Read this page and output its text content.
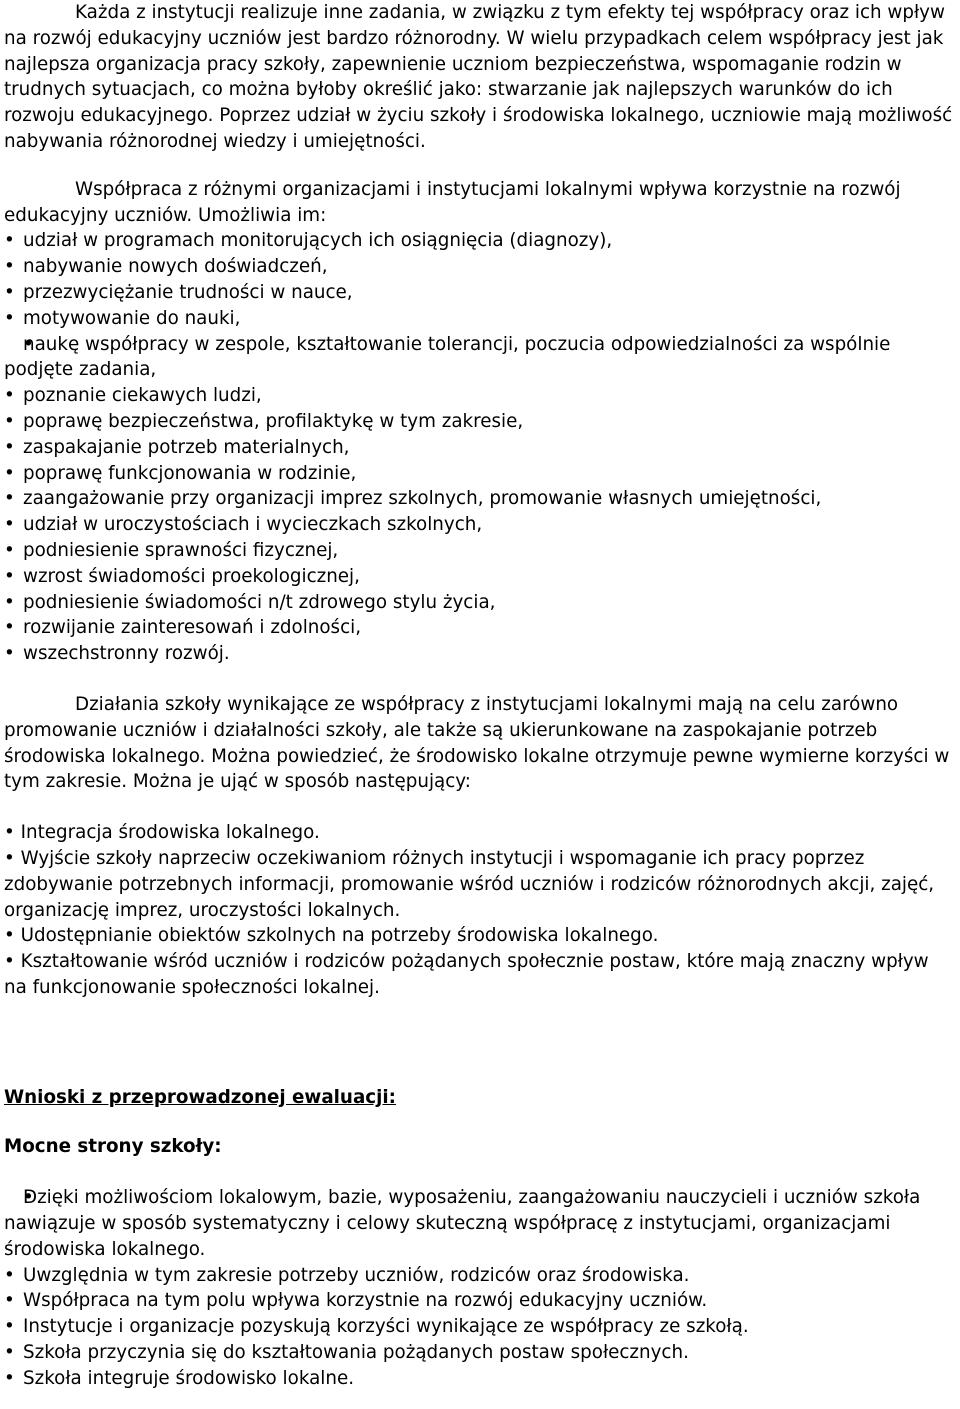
Każda z instytucji realizuje inne zadania, w związku z tym efekty tej współpracy oraz ich wpływ na rozwój edukacyjny uczniów jest bardzo różnorodny. W wielu przypadkach celem współpracy jest jak najlepsza organizacja pracy szkoły, zapewnienie uczniom bezpieczeństwa, wspomaganie rodzin w trudnych sytuacjach, co można byłoby określić jako: stwarzanie jak najlepszych warunków do ich rozwoju edukacyjnego. Poprzez udział w życiu szkoły i środowiska lokalnego, uczniowie mają możliwość nabywania różnorodnej wiedzy i umiejętności.

Współpraca z różnymi organizacjami i instytucjami lokalnymi wpływa korzystnie na rozwój edukacyjny uczniów. Umożliwia im:

• udział w programach monitorujących ich osiągnięcia (diagnozy),
• nabywanie nowych doświadczeń,
• przezwyciężanie trudności w nauce,
• motywowanie do nauki,
• naukę współpracy w zespole, kształtowanie tolerancji, poczucia odpowiedzialności za wspólnie podjęte zadania,
• poznanie ciekawych ludzi,
• poprawę bezpieczeństwa, profilaktykę w tym zakresie,
• zaspakajanie potrzeb materialnych,
• poprawę funkcjonowania w rodzinie,
• zaangażowanie przy organizacji imprez szkolnych, promowanie własnych umiejętności,
• udział w uroczystościach i wycieczkach szkolnych,
• podniesienie sprawności fizycznej,
• wzrost świadomości proekologicznej,
• podniesienie świadomości n/t zdrowego stylu życia,
• rozwijanie zainteresowań i zdolności,
• wszechstronny rozwój.

Działania szkoły wynikające ze współpracy z instytucjami lokalnymi mają na celu zarówno promowanie uczniów i działalności szkoły, ale także są ukierunkowane na zaspokajanie potrzeb środowiska lokalnego. Można powiedzieć, że środowisko lokalne otrzymuje pewne wymierne korzyści w tym zakresie. Można je ująć w sposób następujący:

• Integracja środowiska lokalnego.
• Wyjście szkoły naprzeciw oczekiwaniom różnych instytucji i wspomaganie ich pracy poprzez zdobywanie potrzebnych informacji, promowanie wśród uczniów i rodziców różnorodnych akcji, zajęć, organizację imprez, uroczystości lokalnych.
• Udostępnianie obiektów szkolnych na potrzeby środowiska lokalnego.
• Kształtowanie wśród uczniów i rodziców pożądanych społecznie postaw, które mają znaczny wpływ na funkcjonowanie społeczności lokalnej.

Wnioski z przeprowadzonej ewaluacji:

Mocne strony szkoły:

• Dzięki możliwościom lokalowym, bazie, wyposażeniu, zaangażowaniu nauczycieli i uczniów szkoła nawiązuje w sposób systematyczny i celowy skuteczną współpracę z instytucjami, organizacjami środowiska lokalnego.
• Uwzględnia w tym zakresie potrzeby uczniów, rodziców oraz środowiska.
• Współpraca na tym polu wpływa korzystnie na rozwój edukacyjny uczniów.
• Instytucje i organizacje pozyskują korzyści wynikające ze współpracy ze szkołą.
• Szkoła przyczynia się do kształtowania pożądanych postaw społecznych.
• Szkoła integruje środowisko lokalne.
